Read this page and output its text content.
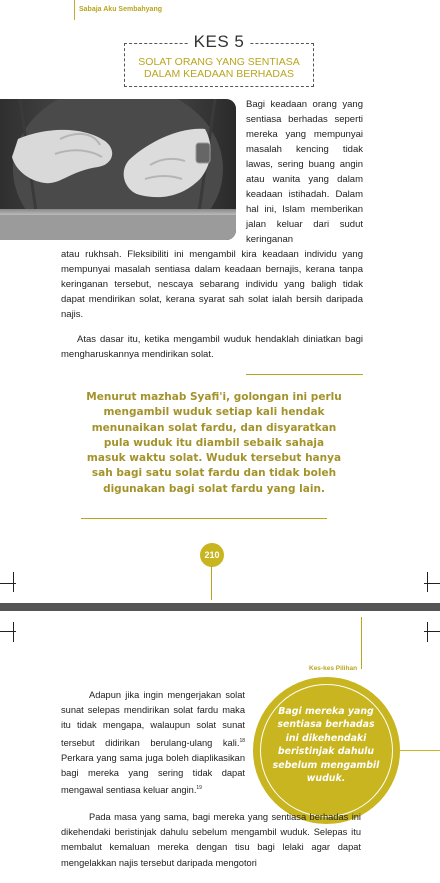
Sabaja Aku Sembahyang
KES 5
SOLAT ORANG YANG SENTIASA
DALAM KEADAAN BERHADAS
Bagi keadaan orang yang sentiasa berhadas seperti mereka yang mempunyai masalah kencing tidak lawas, sering buang angin atau wanita yang dalam keadaan istihadah. Dalam hal ini, Islam memberikan jalan keluar dari sudut keringanan
atau rukhsah. Fleksibiliti ini mengambil kira keadaan individu yang mempunyai masalah sentiasa dalam keadaan bernajis, kerana tanpa keringanan tersebut, nescaya sebarang individu yang baligh tidak dapat mendirikan solat, kerana syarat sah solat ialah bersih daripada najis.
Atas dasar itu, ketika mengambil wuduk hendaklah diniatkan bagi mengharuskannya mendirikan solat.
Menurut mazhab Syafi'i, golongan ini perlu mengambil wuduk setiap kali hendak menunaikan solat fardu, dan disyaratkan pula wuduk itu diambil sebaik sahaja masuk waktu solat. Wuduk tersebut hanya sah bagi satu solat fardu dan tidak boleh digunakan bagi solat fardu yang lain.
210
Kes-kes Pilihan
Adapun jika ingin mengerjakan solat sunat selepas mendirikan solat fardu maka itu tidak mengapa, walaupun solat sunat tersebut didirikan berulang-ulang kali.$^{18}$ Perkara yang sama juga boleh diaplikasikan bagi mereka yang sering tidak dapat mengawal sentiasa keluar angin.$^{19}$
Bagi mereka yang sentiasa berhadas ini dikehendaki beristinjak dahulu sebelum mengambil wuduk.
Pada masa yang sama, bagi mereka yang sentiasa berhadas ini dikehendaki beristinjak dahulu sebelum mengambil wuduk. Selepas itu membalut kemaluan mereka dengan tisu bagi lelaki agar dapat mengelakkan najis tersebut daripada mengotori
